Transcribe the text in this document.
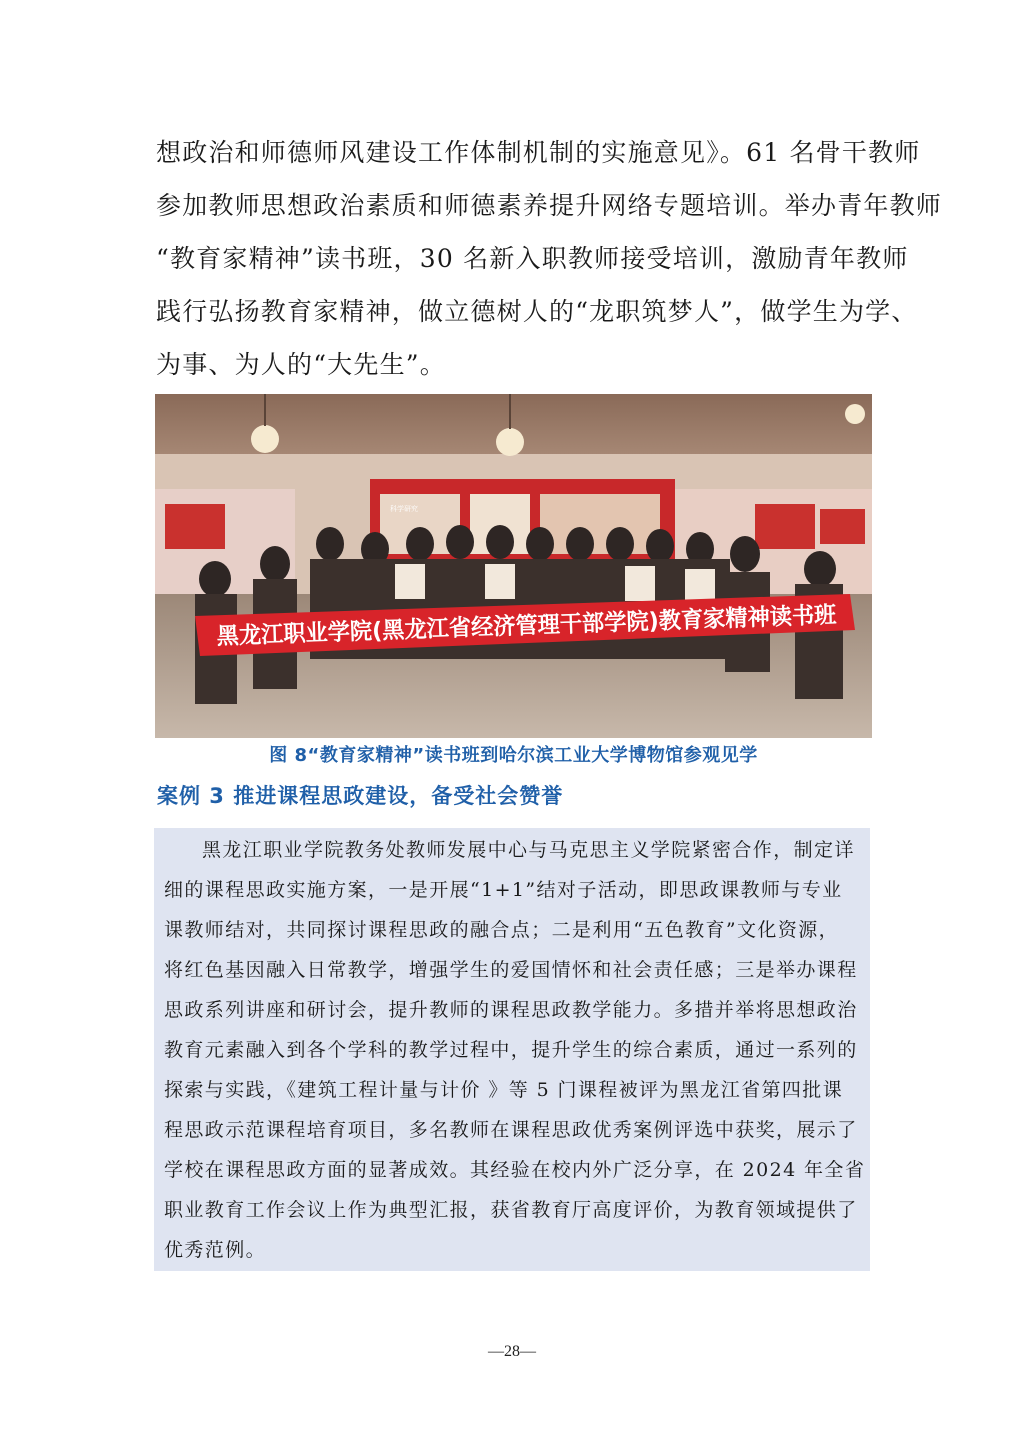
想政治和师德师风建设工作体制机制的实施意见》。61 名骨干教师
参加教师思想政治素质和师德素养提升网络专题培训。举办青年教师
“教育家精神”读书班，30 名新入职教师接受培训，激励青年教师
践行弘扬教育家精神，做立德树人的“龙职筑梦人”，做学生为学、
为事、为人的“大先生”。
科学研究
黑龙江职业学院(黑龙江省经济管理干部学院)教育家精神读书班
图 8“教育家精神”读书班到哈尔滨工业大学博物馆参观见学
案例 3 推进课程思政建设，备受社会赞誉
黑龙江职业学院教务处教师发展中心与马克思主义学院紧密合作，制定详
细的课程思政实施方案，一是开展“1+1”结对子活动，即思政课教师与专业
课教师结对，共同探讨课程思政的融合点；二是利用“五色教育”文化资源，
将红色基因融入日常教学，增强学生的爱国情怀和社会责任感；三是举办课程
思政系列讲座和研讨会，提升教师的课程思政教学能力。多措并举将思想政治
教育元素融入到各个学科的教学过程中，提升学生的综合素质，通过一系列的
探索与实践，《建筑工程计量与计价 》等 5 门课程被评为黑龙江省第四批课
程思政示范课程培育项目，多名教师在课程思政优秀案例评选中获奖，展示了
学校在课程思政方面的显著成效。其经验在校内外广泛分享，在 2024 年全省
职业教育工作会议上作为典型汇报，获省教育厅高度评价，为教育领域提供了
优秀范例。
—28—
